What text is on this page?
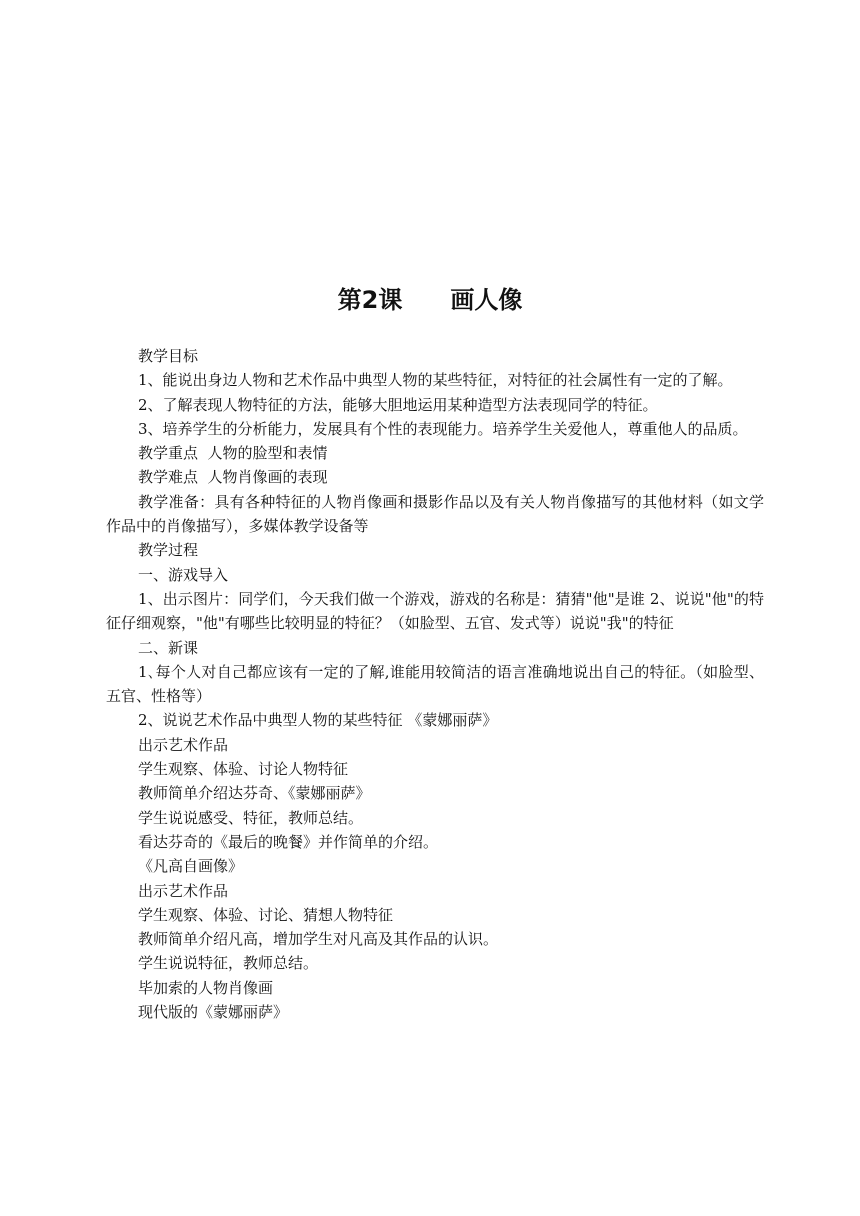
第2课 画人像

教学目标

1、能说出身边人物和艺术作品中典型人物的某些特征，对特征的社会属性有一定的了解。

2、了解表现人物特征的方法，能够大胆地运用某种造型方法表现同学的特征。

3、培养学生的分析能力，发展具有个性的表现能力。培养学生关爱他人，尊重他人的品质。

教学重点  人物的脸型和表情

教学难点  人物肖像画的表现

教学准备：具有各种特征的人物肖像画和摄影作品以及有关人物肖像描写的其他材料（如文学作品中的肖像描写），多媒体教学设备等

教学过程

一、游戏导入

1、出示图片：同学们，今天我们做一个游戏，游戏的名称是：猜猜"他"是谁 2、说说"他"的特征仔细观察，"他"有哪些比较明显的特征？（如脸型、五官、发式等）说说"我"的特征

二、新课

1､每个人对自己都应该有一定的了解,谁能用较简洁的语言准确地说出自己的特征。（如脸型、五官、性格等）

2、说说艺术作品中典型人物的某些特征 《蒙娜丽萨》

出示艺术作品

学生观察、体验、讨论人物特征

教师简单介绍达芬奇、《蒙娜丽萨》

学生说说感受、特征，教师总结。

看达芬奇的《最后的晚餐》并作简单的介绍。

《凡高自画像》

出示艺术作品

学生观察、体验、讨论、猜想人物特征

教师简单介绍凡高，增加学生对凡高及其作品的认识。

学生说说特征，教师总结。

毕加索的人物肖像画

现代版的《蒙娜丽萨》
